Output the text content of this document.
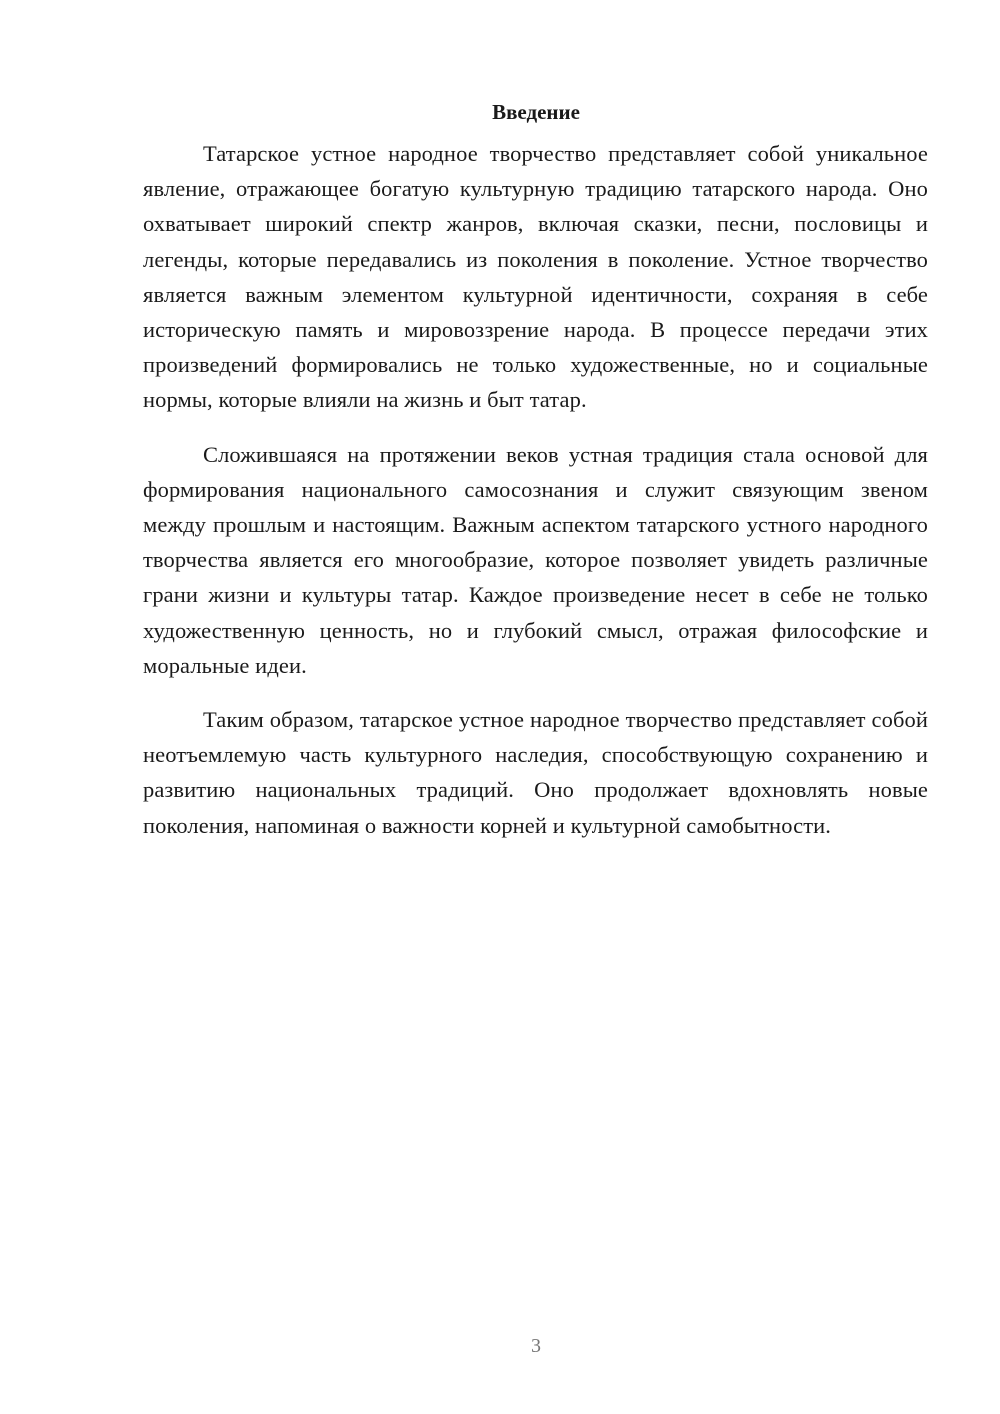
Введение

Татарское устное народное творчество представляет собой уникальное явление, отражающее богатую культурную традицию татарского народа. Оно охватывает широкий спектр жанров, включая сказки, песни, пословицы и легенды, которые передавались из поколения в поколение. Устное творчество является важным элементом культурной идентичности, сохраняя в себе историческую память и мировоззрение народа. В процессе передачи этих произведений формировались не только художественные, но и социальные нормы, которые влияли на жизнь и быт татар.

Сложившаяся на протяжении веков устная традиция стала основой для формирования национального самосознания и служит связующим звеном между прошлым и настоящим. Важным аспектом татарского устного народного творчества является его многообразие, которое позволяет увидеть различные грани жизни и культуры татар. Каждое произведение несет в себе не только художественную ценность, но и глубокий смысл, отражая философские и моральные идеи.

Таким образом, татарское устное народное творчество представляет собой неотъемлемую часть культурного наследия, способствующую сохранению и развитию национальных традиций. Оно продолжает вдохновлять новые поколения, напоминая о важности корней и культурной самобытности.

3
